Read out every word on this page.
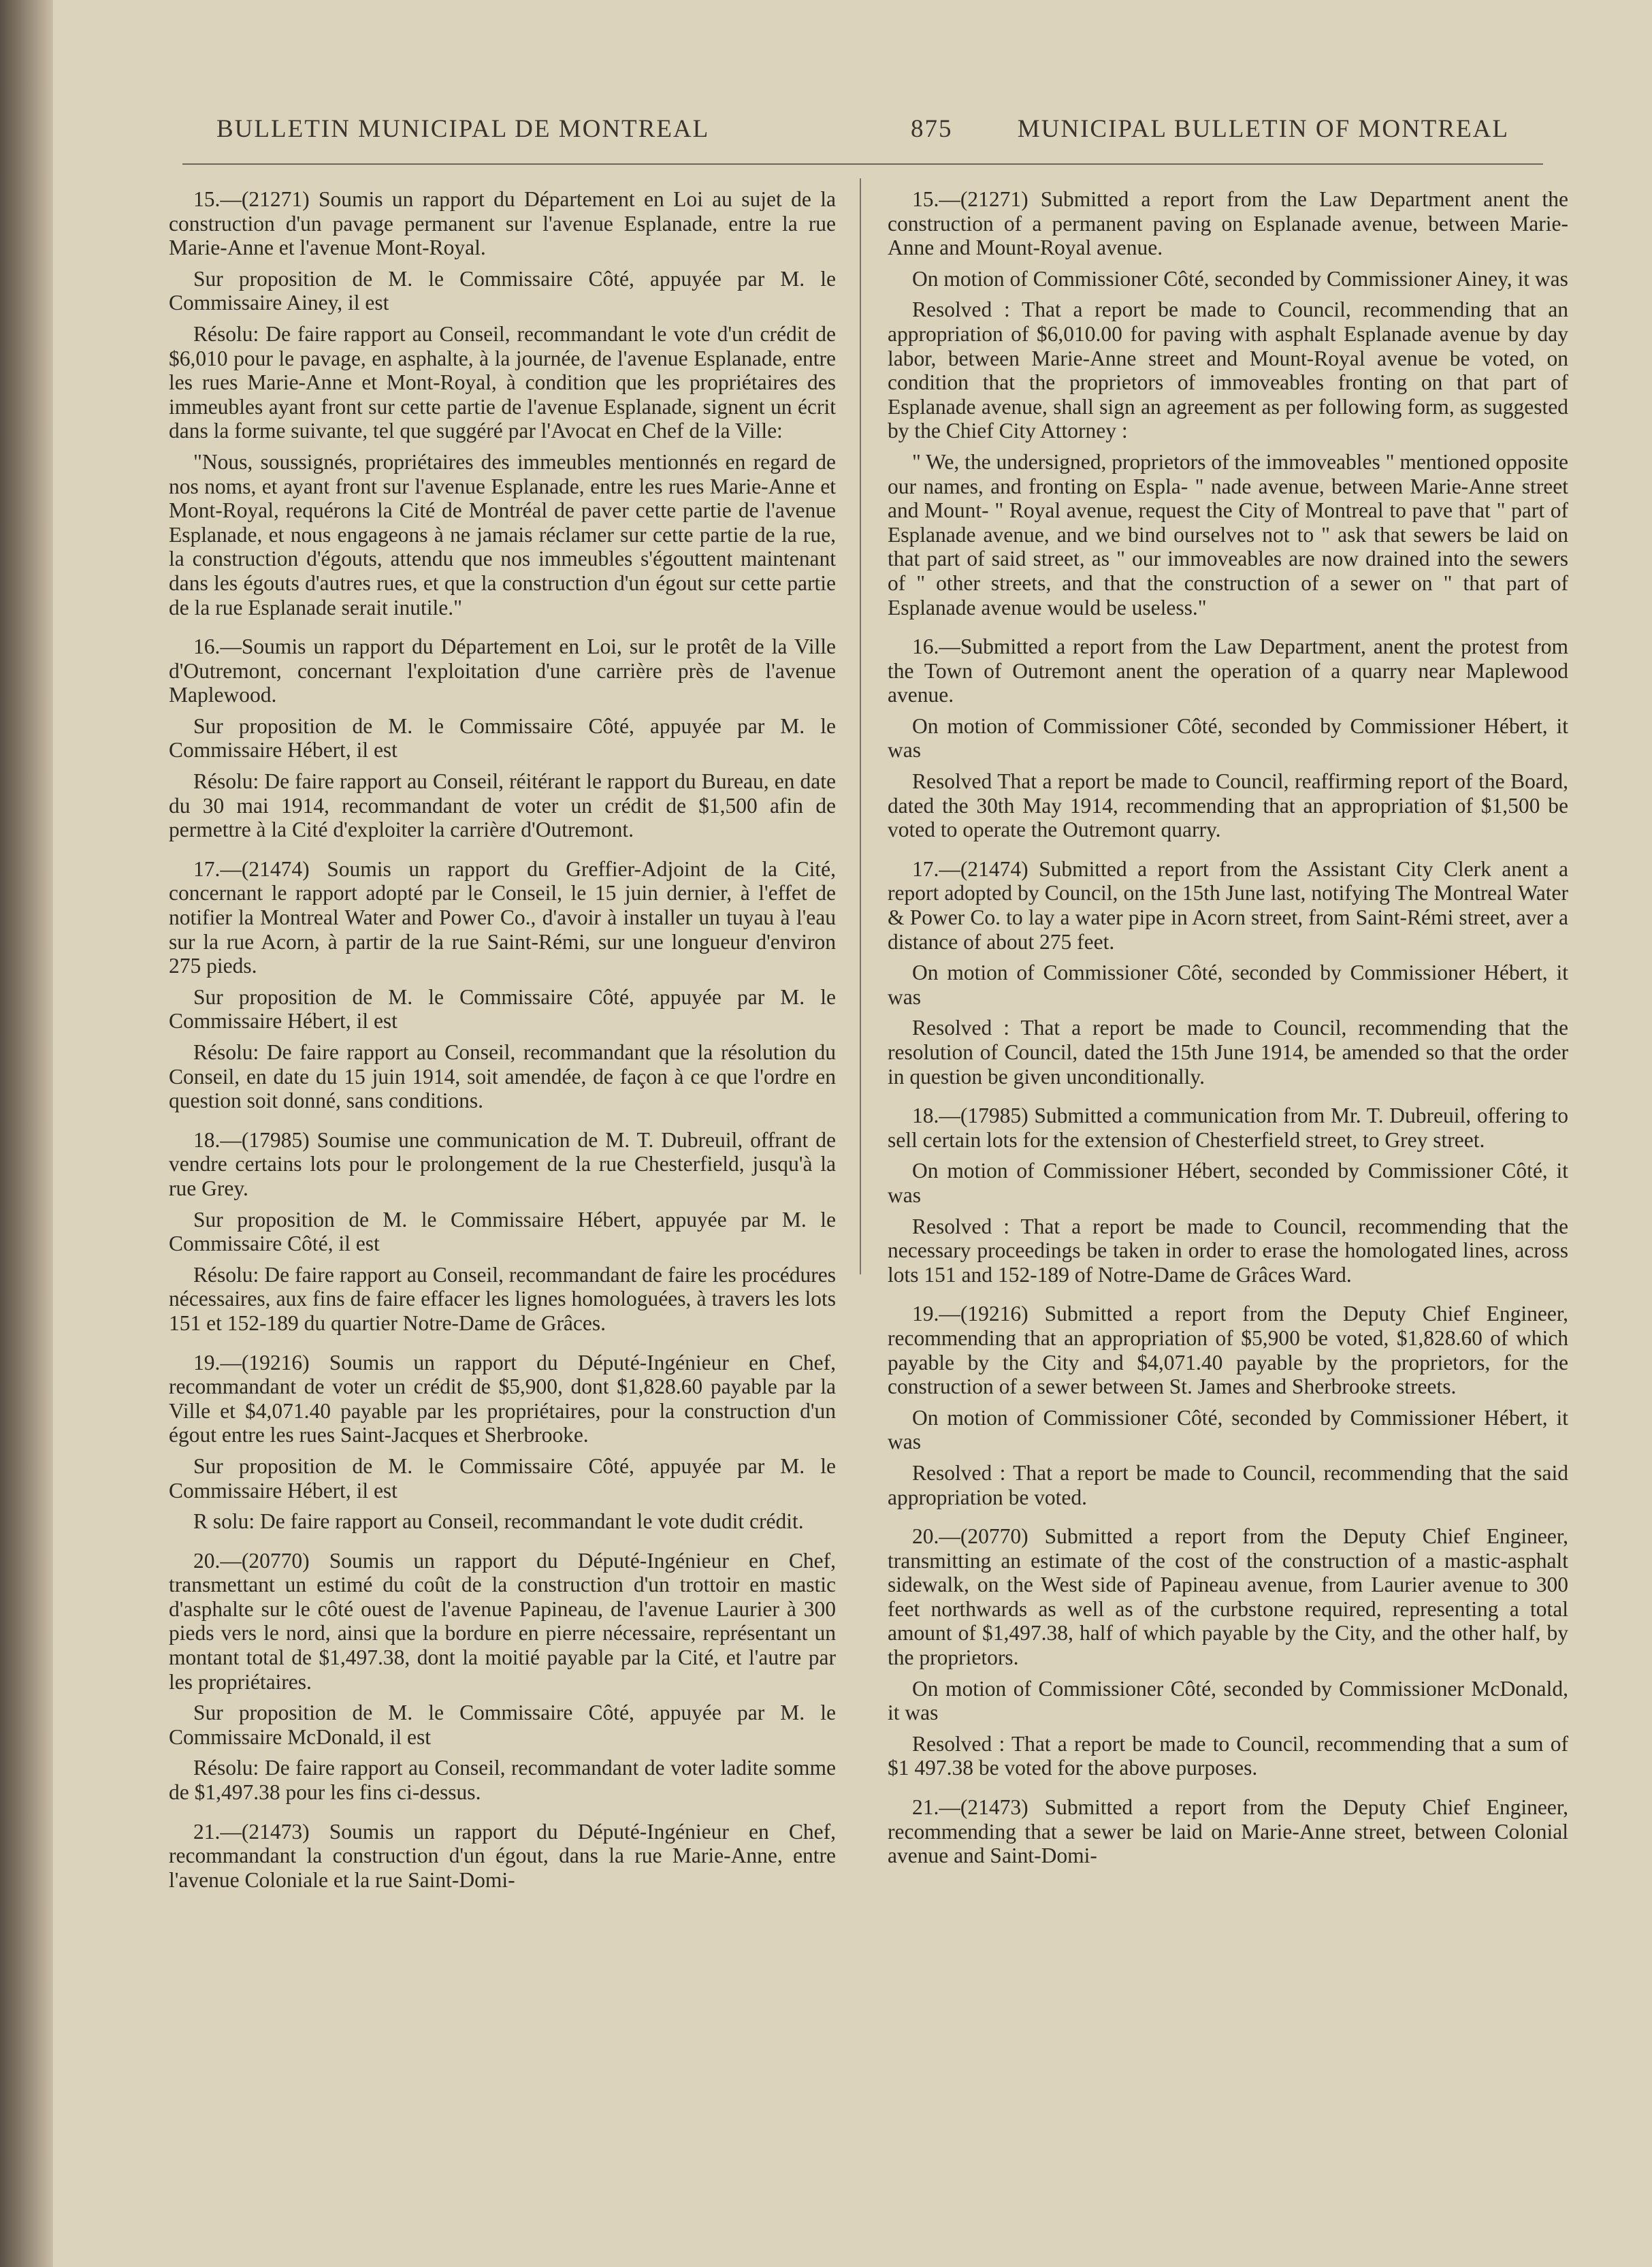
BULLETIN MUNICIPAL DE MONTREAL	875	MUNICIPAL BULLETIN OF MONTREAL

15.—(21271) Soumis un rapport du Département en Loi au sujet de la construction d'un pavage permanent sur l'avenue Esplanade, entre la rue Marie-Anne et l'avenue Mont-Royal.

Sur proposition de M. le Commissaire Côté, appuyée par M. le Commissaire Ainey, il est

Résolu: De faire rapport au Conseil, recommandant le vote d'un crédit de $6,010 pour le pavage, en asphalte, à la journée, de l'avenue Esplanade, entre les rues Marie-Anne et Mont-Royal, à condition que les propriétaires des immeubles ayant front sur cette partie de l'avenue Esplanade, signent un écrit dans la forme suivante, tel que suggéré par l'Avocat en Chef de la Ville:

"Nous, soussignés, propriétaires des immeubles mentionnés en regard de nos noms, et ayant front sur l'avenue Esplanade, entre les rues Marie-Anne et Mont-Royal, requérons la Cité de Montréal de paver cette partie de l'avenue Esplanade, et nous engageons à ne jamais réclamer sur cette partie de la rue, la construction d'égouts, attendu que nos immeubles s'égouttent maintenant dans les égouts d'autres rues, et que la construction d'un égout sur cette partie de la rue Esplanade serait inutile."

16.—Soumis un rapport du Département en Loi, sur le protêt de la Ville d'Outremont, concernant l'exploitation d'une carrière près de l'avenue Maplewood.

Sur proposition de M. le Commissaire Côté, appuyée par M. le Commissaire Hébert, il est

Résolu: De faire rapport au Conseil, réitérant le rapport du Bureau, en date du 30 mai 1914, recommandant de voter un crédit de $1,500 afin de permettre à la Cité d'exploiter la carrière d'Outremont.

17.—(21474) Soumis un rapport du Greffier-Adjoint de la Cité, concernant le rapport adopté par le Conseil, le 15 juin dernier, à l'effet de notifier la Montreal Water and Power Co., d'avoir à installer un tuyau à l'eau sur la rue Acorn, à partir de la rue Saint-Rémi, sur une longueur d'environ 275 pieds.

Sur proposition de M. le Commissaire Côté, appuyée par M. le Commissaire Hébert, il est

Résolu: De faire rapport au Conseil, recommandant que la résolution du Conseil, en date du 15 juin 1914, soit amendée, de façon à ce que l'ordre en question soit donné, sans conditions.

18.—(17985) Soumise une communication de M. T. Dubreuil, offrant de vendre certains lots pour le prolongement de la rue Chesterfield, jusqu'à la rue Grey.

Sur proposition de M. le Commissaire Hébert, appuyée par M. le Commissaire Côté, il est

Résolu: De faire rapport au Conseil, recommandant de faire les procédures nécessaires, aux fins de faire effacer les lignes homologuées, à travers les lots 151 et 152-189 du quartier Notre-Dame de Grâces.

19.—(19216) Soumis un rapport du Député-Ingénieur en Chef, recommandant de voter un crédit de $5,900, dont $1,828.60 payable par la Ville et $4,071.40 payable par les propriétaires, pour la construction d'un égout entre les rues Saint-Jacques et Sherbrooke.

Sur proposition de M. le Commissaire Côté, appuyée par M. le Commissaire Hébert, il est

R solu: De faire rapport au Conseil, recommandant le vote dudit crédit.

20.—(20770) Soumis un rapport du Député-Ingénieur en Chef, transmettant un estimé du coût de la construction d'un trottoir en mastic d'asphalte sur le côté ouest de l'avenue Papineau, de l'avenue Laurier à 300 pieds vers le nord, ainsi que la bordure en pierre nécessaire, représentant un montant total de $1,497.38, dont la moitié payable par la Cité, et l'autre par les propriétaires.

Sur proposition de M. le Commissaire Côté, appuyée par M. le Commissaire McDonald, il est

Résolu: De faire rapport au Conseil, recommandant de voter ladite somme de $1,497.38 pour les fins ci-dessus.

21.—(21473) Soumis un rapport du Député-Ingénieur en Chef, recommandant la construction d'un égout, dans la rue Marie-Anne, entre l'avenue Coloniale et la rue Saint-Domi-

15.—(21271) Submitted a report from the Law Department anent the construction of a permanent paving on Esplanade avenue, between Marie-Anne and Mount-Royal avenue.

On motion of Commissioner Côté, seconded by Commissioner Ainey, it was

Resolved : That a report be made to Council, recommending that an appropriation of $6,010.00 for paving with asphalt Esplanade avenue by day labor, between Marie-Anne street and Mount-Royal avenue be voted, on condition that the proprietors of immoveables fronting on that part of Esplanade avenue, shall sign an agreement as per following form, as suggested by the Chief City Attorney :

" We, the undersigned, proprietors of the immoveables " mentioned opposite our names, and fronting on Espla- " nade avenue, between Marie-Anne street and Mount- " Royal avenue, request the City of Montreal to pave that " part of Esplanade avenue, and we bind ourselves not to " ask that sewers be laid on that part of said street, as " our immoveables are now drained into the sewers of " other streets, and that the construction of a sewer on " that part of Esplanade avenue would be useless."

16.—Submitted a report from the Law Department, anent the protest from the Town of Outremont anent the operation of a quarry near Maplewood avenue.

On motion of Commissioner Côté, seconded by Commissioner Hébert, it was

Resolved That a report be made to Council, reaffirming report of the Board, dated the 30th May 1914, recommending that an appropriation of $1,500 be voted to operate the Outremont quarry.

17.—(21474) Submitted a report from the Assistant City Clerk anent a report adopted by Council, on the 15th June last, notifying The Montreal Water & Power Co. to lay a water pipe in Acorn street, from Saint-Rémi street, aver a distance of about 275 feet.

On motion of Commissioner Côté, seconded by Commissioner Hébert, it was

Resolved : That a report be made to Council, recommending that the resolution of Council, dated the 15th June 1914, be amended so that the order in question be given unconditionally.

18.—(17985) Submitted a communication from Mr. T. Dubreuil, offering to sell certain lots for the extension of Chesterfield street, to Grey street.

On motion of Commissioner Hébert, seconded by Commissioner Côté, it was

Resolved : That a report be made to Council, recommending that the necessary proceedings be taken in order to erase the homologated lines, across lots 151 and 152-189 of Notre-Dame de Grâces Ward.

19.—(19216) Submitted a report from the Deputy Chief Engineer, recommending that an appropriation of $5,900 be voted, $1,828.60 of which payable by the City and $4,071.40 payable by the proprietors, for the construction of a sewer between St. James and Sherbrooke streets.

On motion of Commissioner Côté, seconded by Commissioner Hébert, it was

Resolved : That a report be made to Council, recommending that the said appropriation be voted.

20.—(20770) Submitted a report from the Deputy Chief Engineer, transmitting an estimate of the cost of the construction of a mastic-asphalt sidewalk, on the West side of Papineau avenue, from Laurier avenue to 300 feet northwards as well as of the curbstone required, representing a total amount of $1,497.38, half of which payable by the City, and the other half, by the proprietors.

On motion of Commissioner Côté, seconded by Commissioner McDonald, it was

Resolved : That a report be made to Council, recommending that a sum of $1 497.38 be voted for the above purposes.

21.—(21473) Submitted a report from the Deputy Chief Engineer, recommending that a sewer be laid on Marie-Anne street, between Colonial avenue and Saint-Domi-
